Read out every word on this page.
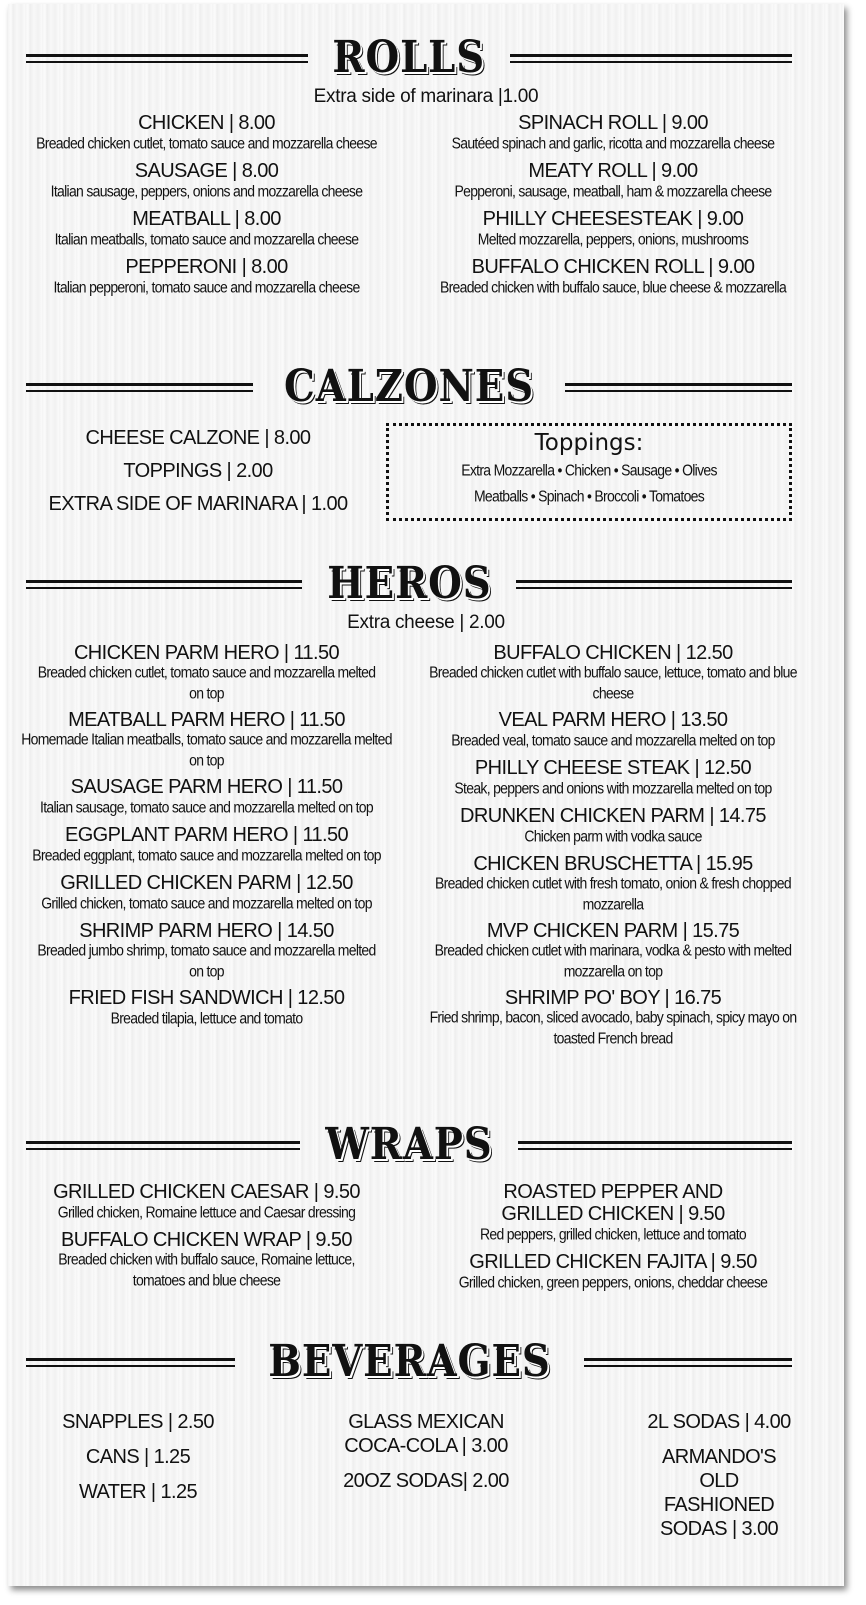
ROLLS
Extra side of marinara |1.00
CHICKEN | 8.00
Breaded chicken cutlet, tomato sauce and mozzarella cheese
SAUSAGE | 8.00
Italian sausage, peppers, onions and mozzarella cheese
MEATBALL | 8.00
Italian meatballs, tomato sauce and mozzarella cheese
PEPPERONI | 8.00
Italian pepperoni, tomato sauce and mozzarella cheese
SPINACH ROLL | 9.00
Sautéed spinach and garlic, ricotta and mozzarella cheese
MEATY ROLL | 9.00
Pepperoni, sausage, meatball, ham & mozzarella cheese
PHILLY CHEESESTEAK | 9.00
Melted mozzarella, peppers, onions, mushrooms
BUFFALO CHICKEN ROLL | 9.00
Breaded chicken with buffalo sauce, blue cheese & mozzarella
CALZONES
CHEESE CALZONE | 8.00
TOPPINGS | 2.00
EXTRA SIDE OF MARINARA | 1.00
Toppings:
Extra Mozzarella • Chicken • Sausage • Olives
Meatballs • Spinach • Broccoli • Tomatoes
HEROS
Extra cheese | 2.00
CHICKEN PARM HERO | 11.50
Breaded chicken cutlet, tomato sauce and mozzarella melted on top
MEATBALL PARM HERO | 11.50
Homemade Italian meatballs, tomato sauce and mozzarella melted on top
SAUSAGE PARM HERO | 11.50
Italian sausage, tomato sauce and mozzarella melted on top
EGGPLANT PARM HERO | 11.50
Breaded eggplant, tomato sauce and mozzarella melted on top
GRILLED CHICKEN PARM | 12.50
Grilled chicken, tomato sauce and mozzarella melted on top
SHRIMP PARM HERO | 14.50
Breaded jumbo shrimp, tomato sauce and mozzarella melted on top
FRIED FISH SANDWICH | 12.50
Breaded tilapia, lettuce and tomato
BUFFALO CHICKEN | 12.50
Breaded chicken cutlet with buffalo sauce, lettuce, tomato and blue cheese
VEAL PARM HERO | 13.50
Breaded veal, tomato sauce and mozzarella melted on top
PHILLY CHEESE STEAK | 12.50
Steak, peppers and onions with mozzarella melted on top
DRUNKEN CHICKEN PARM | 14.75
Chicken parm with vodka sauce
CHICKEN BRUSCHETTA | 15.95
Breaded chicken cutlet with fresh tomato, onion & fresh chopped mozzarella
MVP CHICKEN PARM | 15.75
Breaded chicken cutlet with marinara, vodka & pesto with melted mozzarella on top
SHRIMP PO' BOY | 16.75
Fried shrimp, bacon, sliced avocado, baby spinach, spicy mayo on toasted French bread
WRAPS
GRILLED CHICKEN CAESAR | 9.50
Grilled chicken, Romaine lettuce and Caesar dressing
BUFFALO CHICKEN WRAP | 9.50
Breaded chicken with buffalo sauce, Romaine lettuce, tomatoes and blue cheese
ROASTED PEPPER AND GRILLED CHICKEN | 9.50
Red peppers, grilled chicken, lettuce and tomato
GRILLED CHICKEN FAJITA | 9.50
Grilled chicken, green peppers, onions, cheddar cheese
BEVERAGES
SNAPPLES | 2.50
CANS | 1.25
WATER | 1.25
GLASS MEXICAN COCA-COLA | 3.00
20OZ SODAS| 2.00
2L SODAS | 4.00
ARMANDO'S OLD FASHIONED SODAS | 3.00
